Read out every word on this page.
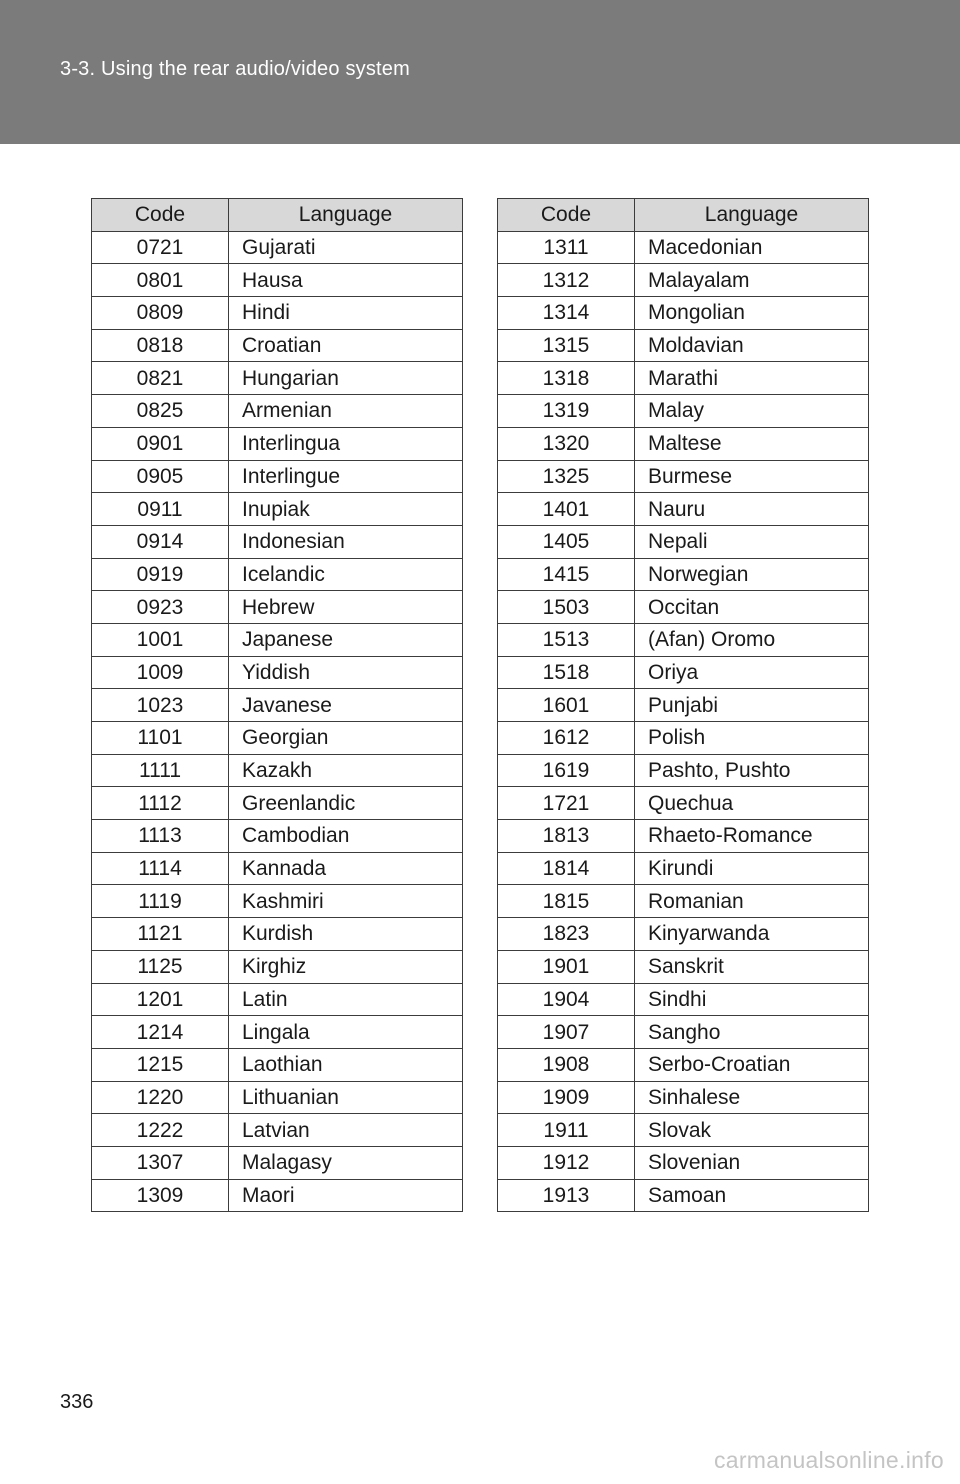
3-3. Using the rear audio/video system
Code	Language
0721	Gujarati
0801	Hausa
0809	Hindi
0818	Croatian
0821	Hungarian
0825	Armenian
0901	Interlingua
0905	Interlingue
0911	Inupiak
0914	Indonesian
0919	Icelandic
0923	Hebrew
1001	Japanese
1009	Yiddish
1023	Javanese
1101	Georgian
1111	Kazakh
1112	Greenlandic
1113	Cambodian
1114	Kannada
1119	Kashmiri
1121	Kurdish
1125	Kirghiz
1201	Latin
1214	Lingala
1215	Laothian
1220	Lithuanian
1222	Latvian
1307	Malagasy
1309	Maori
Code	Language
1311	Macedonian
1312	Malayalam
1314	Mongolian
1315	Moldavian
1318	Marathi
1319	Malay
1320	Maltese
1325	Burmese
1401	Nauru
1405	Nepali
1415	Norwegian
1503	Occitan
1513	(Afan) Oromo
1518	Oriya
1601	Punjabi
1612	Polish
1619	Pashto, Pushto
1721	Quechua
1813	Rhaeto-Romance
1814	Kirundi
1815	Romanian
1823	Kinyarwanda
1901	Sanskrit
1904	Sindhi
1907	Sangho
1908	Serbo-Croatian
1909	Sinhalese
1911	Slovak
1912	Slovenian
1913	Samoan
336
carmanualsonline.info
